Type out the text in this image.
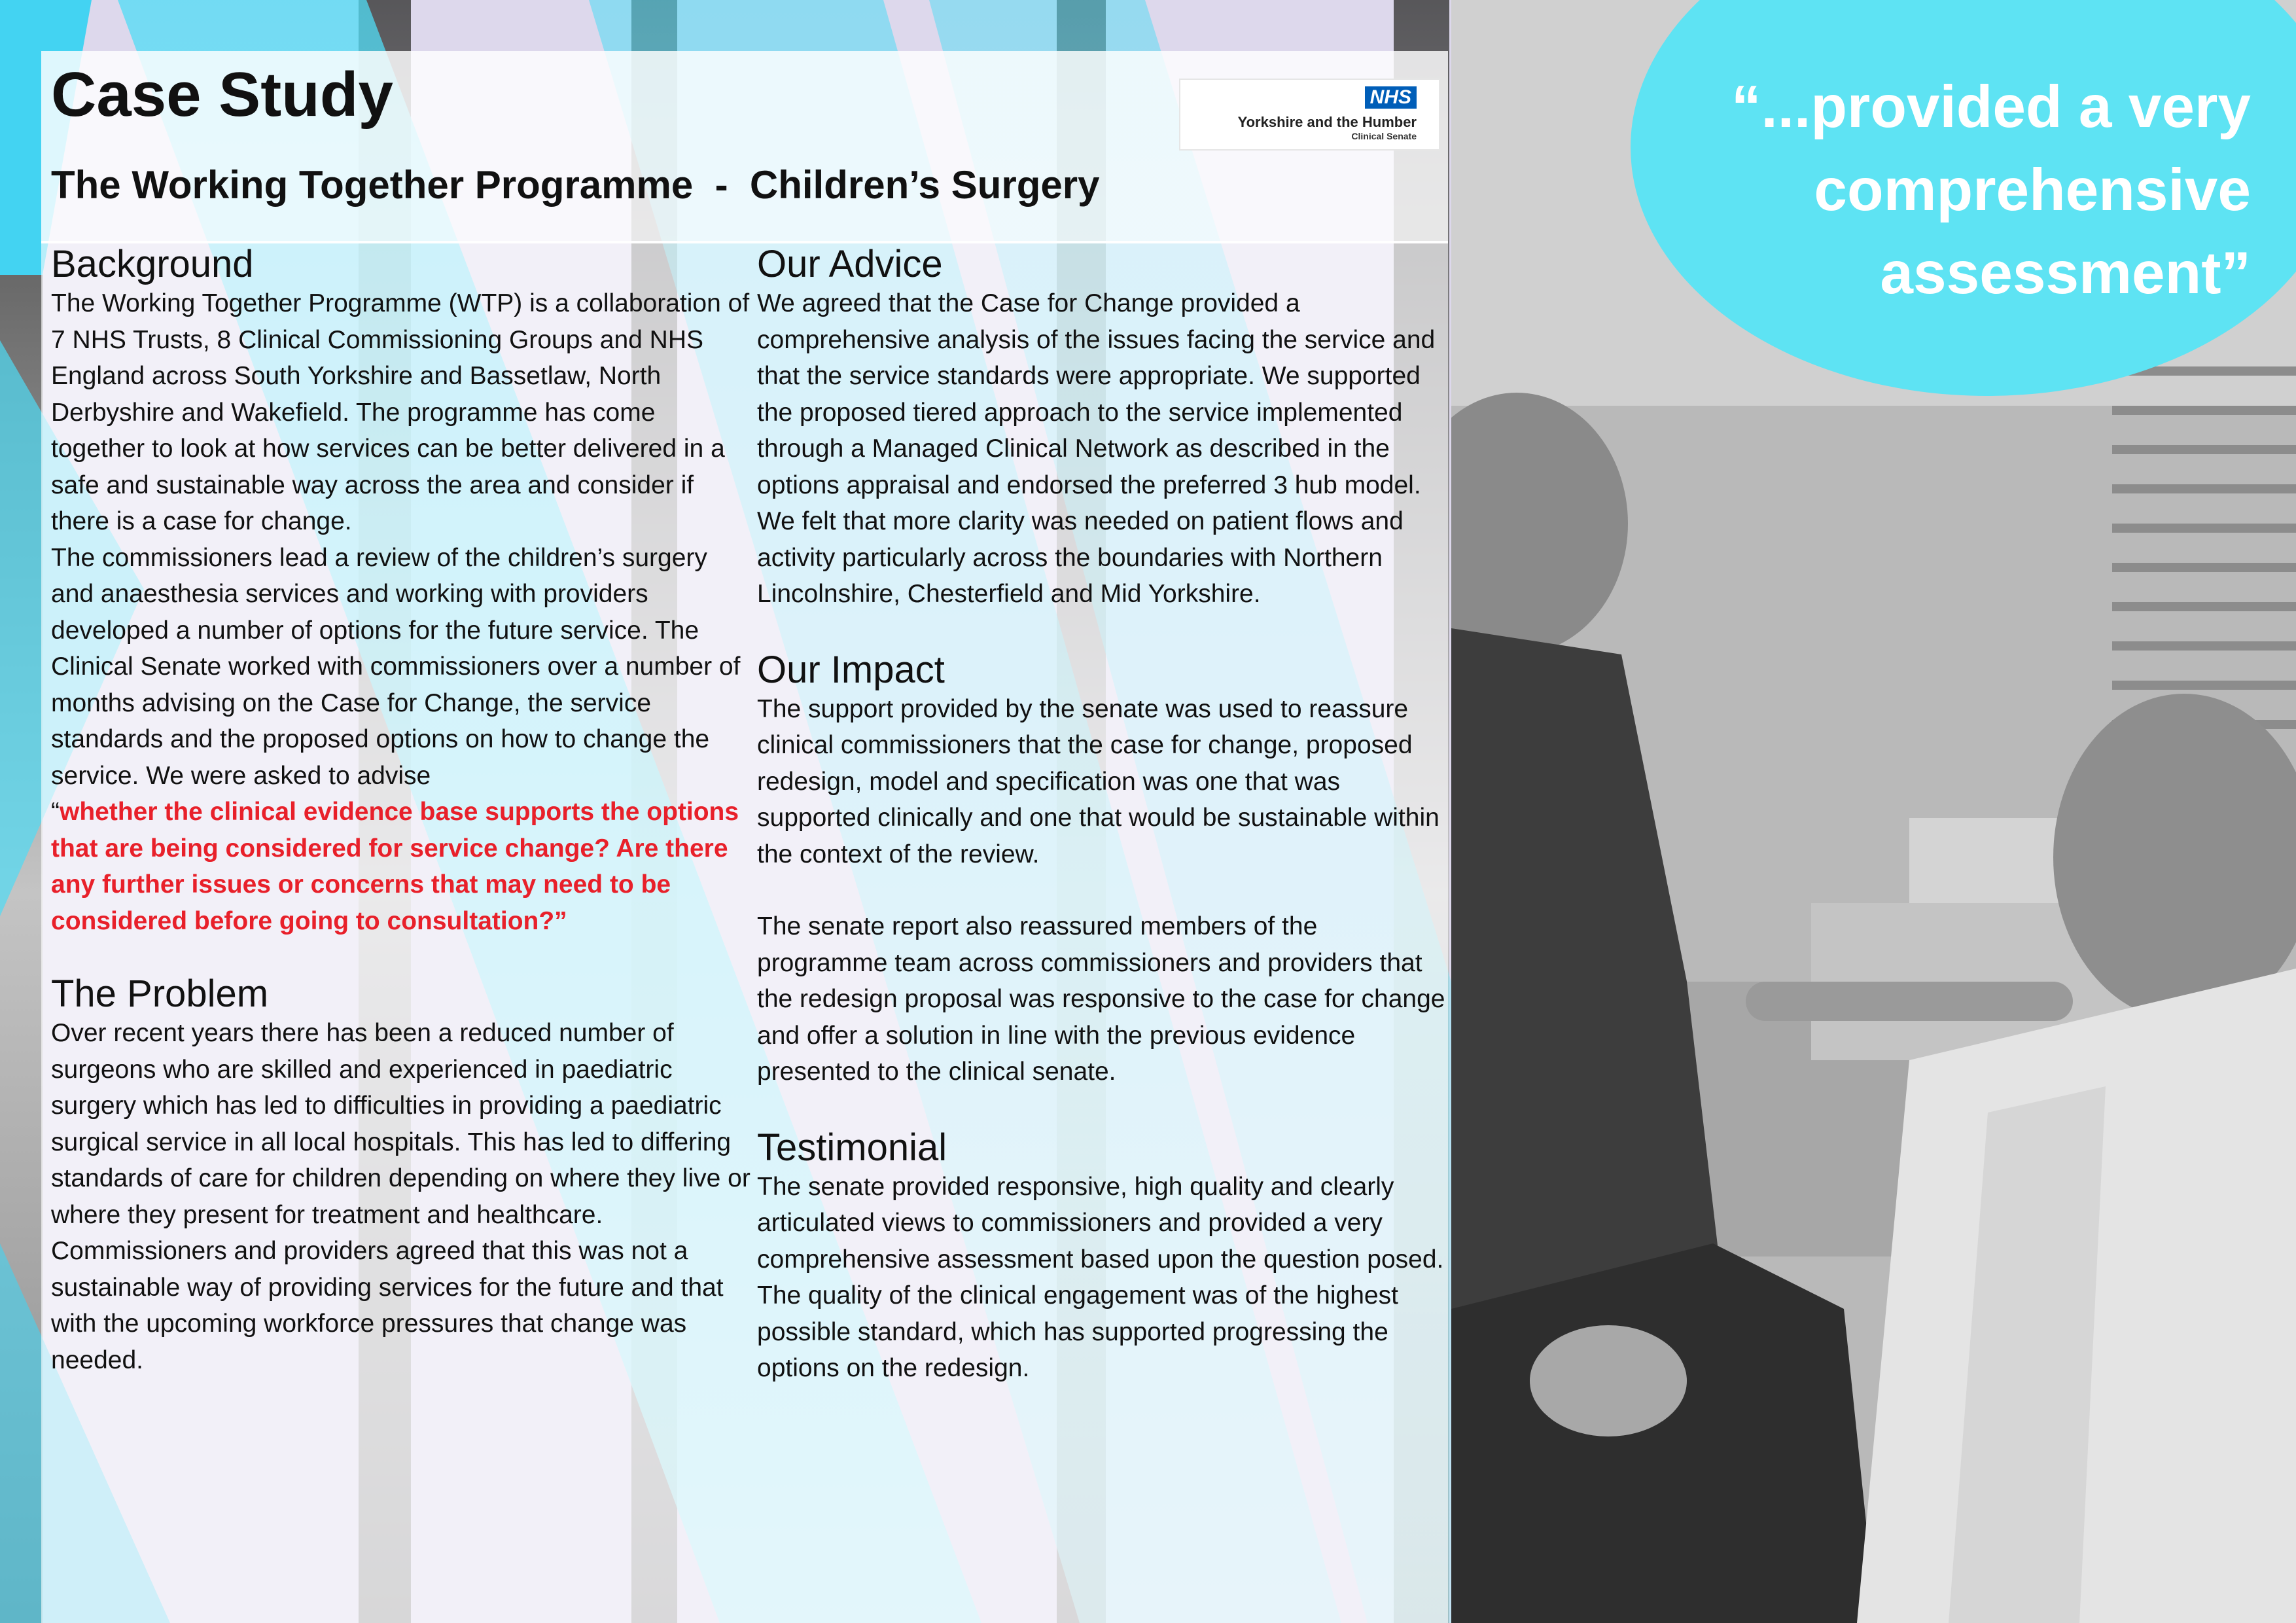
Case Study
The Working Together Programme  -  Children’s Surgery
NHS
Yorkshire and the Humber
Clinical Senate
Background

The Working Together Programme (WTP) is a collaboration of 7 NHS Trusts, 8 Clinical Commissioning Groups and NHS England across South Yorkshire and Bassetlaw, North Derbyshire and Wakefield. The programme has come together to look at how services can be better delivered in a safe and sustainable way across the area and consider if there is a case for change.

The commissioners lead a review of the children’s surgery and anaesthesia services and working with providers developed a number of options for the future service. The Clinical Senate worked with commissioners over a number of months advising on the Case for Change, the service standards and the proposed options on how to change the service. We were asked to advise

“whether the clinical evidence base supports the options that are being considered for service change? Are there any further issues or concerns that may need to be considered before going to consultation?”

The Problem

Over recent years there has been a reduced number of surgeons who are skilled and experienced in paediatric surgery which has led to difficulties in providing a paediatric surgical service in all local hospitals. This has led to differing standards of care for children depending on where they live or where they present for treatment and healthcare. Commissioners and providers agreed that this was not a sustainable way of providing services for the future and that with the upcoming workforce pressures that change was needed.

Our Advice

We agreed that the Case for Change provided a comprehensive analysis of the issues facing the service and that the service standards were appropriate. We supported the proposed tiered approach to the service implemented through a Managed Clinical Network as described in the options appraisal and endorsed the preferred 3 hub model. We felt that more clarity was needed on patient flows and activity particularly across the boundaries with Northern Lincolnshire, Chesterfield and Mid Yorkshire.

Our Impact

The support provided by the senate was used to reassure clinical commissioners that the case for change, proposed redesign, model and specification was one that was supported clinically and one that would be sustainable within the context of the review.

The senate report also reassured members of the programme team across commissioners and providers that the redesign proposal was responsive to the case for change and offer a solution in line with the previous evidence presented to the clinical senate.

Testimonial

The senate provided responsive, high quality and clearly articulated views to commissioners and provided a very comprehensive assessment based upon the question posed. The quality of the clinical engagement was of the highest possible standard, which has supported progressing the options on the redesign.

“...provided a very comprehensive assessment”
